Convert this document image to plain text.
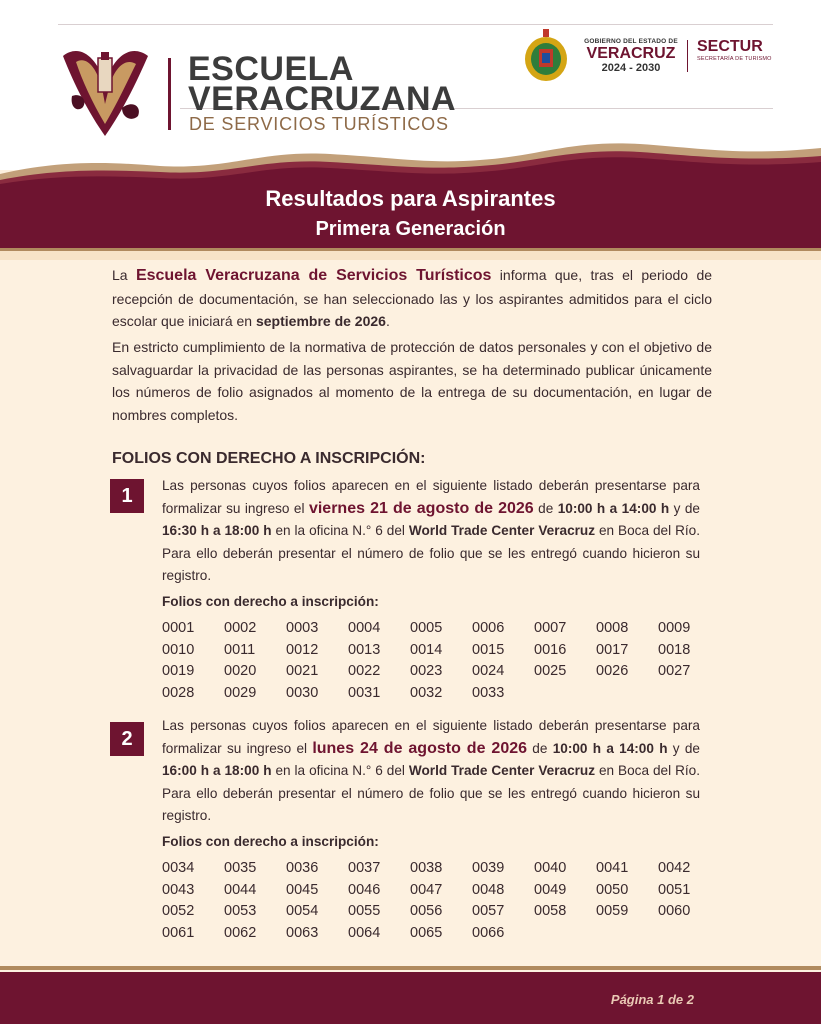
ESCUELA
VERACRUZANA
DE SERVICIOS TURÍSTICOS
GOBIERNO DEL ESTADO DE
VERACRUZ
2024 - 2030
SECTUR
SECRETARÍA DE TURISMO
Resultados para Aspirantes
Primera Generación

La Escuela Veracruzana de Servicios Turísticos informa que, tras el periodo de recepción de documentación, se han seleccionado las y los aspirantes admitidos para el ciclo escolar que iniciará en septiembre de 2026.

En estricto cumplimiento de la normativa de protección de datos personales y con el objetivo de salvaguardar la privacidad de las personas aspirantes, se ha determinado publicar únicamente los números de folio asignados al momento de la entrega de su documentación, en lugar de nombres completos.

FOLIOS CON DERECHO A INSCRIPCIÓN:
1	Las personas cuyos folios aparecen en el siguiente listado deberán presentarse para formalizar su ingreso el viernes 21 de agosto de 2026 de 10:00 h a 14:00 h y de 16:30 h a 18:00 h en la oficina N.° 6 del World Trade Center Veracruz en Boca del Río. Para ello deberán presentar el número de folio que se les entregó cuando hicieron su registro.

Folios con derecho a inscripción:
0001	0002	0003	0004	0005	0006	0007	0008	0009
0010	0011	0012	0013	0014	0015	0016	0017	0018
0019	0020	0021	0022	0023	0024	0025	0026	0027
0028	0029	0030	0031	0032	0033
2

Las personas cuyos folios aparecen en el siguiente listado deberán presentarse para formalizar su ingreso el lunes 24 de agosto de 2026 de 10:00 h a 14:00 h y de 16:00 h a 18:00 h en la oficina N.° 6 del World Trade Center Veracruz en Boca del Río. Para ello deberán presentar el número de folio que se les entregó cuando hicieron su registro.

Folios con derecho a inscripción:
0034	0035	0036	0037	0038	0039	0040	0041	0042
0043	0044	0045	0046	0047	0048	0049	0050	0051
0052	0053	0054	0055	0056	0057	0058	0059	0060
0061	0062	0063	0064	0065	0066
Página 1 de 2
